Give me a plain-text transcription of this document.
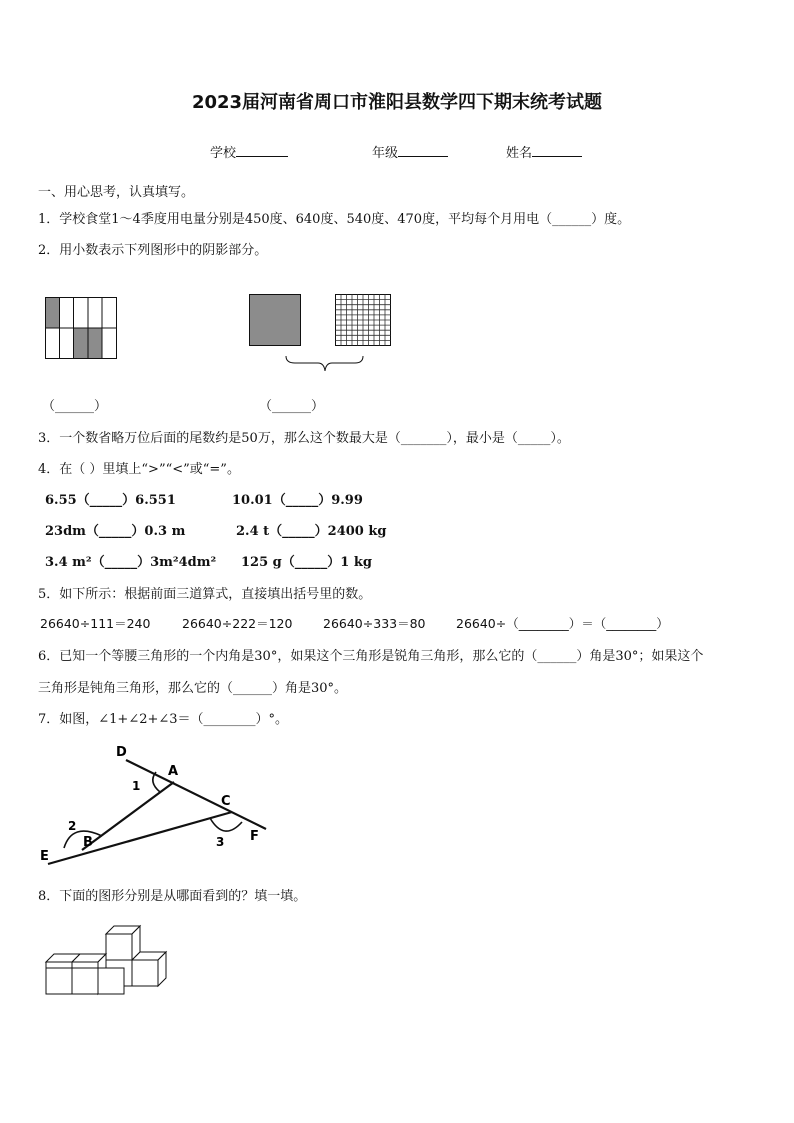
2023届河南省周口市淮阳县数学四下期末统考试题
学校	年级	姓名
一、用心思考，认真填写。
1．学校食堂1～4季度用电量分别是450度、640度、540度、470度，平均每个月用电（______）度。
2．用小数表示下列图形中的阴影部分。
（______）	（______）
3．一个数省略万位后面的尾数约是50万，那么这个数最大是（_______），最小是（_____）。
4．在（ ）里填上“>”“<”或“=”。
6.55（_____）6.551	10.01（_____）9.99
23dm（_____）0.3 m	2.4 t（_____）2400 kg
3.4 m²（_____）3m²4dm² 125 g（_____）1 kg
5．如下所示：根据前面三道算式，直接填出括号里的数。
26640÷111＝240	26640÷222＝120 26640÷333＝80 26640÷（________）＝（________）
6．已知一个等腰三角形的一个内角是30°，如果这个三角形是锐角三角形，那么它的（______）角是30°；如果这个
三角形是钝角三角形，那么它的（______）角是30°。
7．如图，∠1+∠2+∠3＝（________）°。
D
A
C
B
E
F
1
2
3
8．下面的图形分别是从哪面看到的？填一填。
